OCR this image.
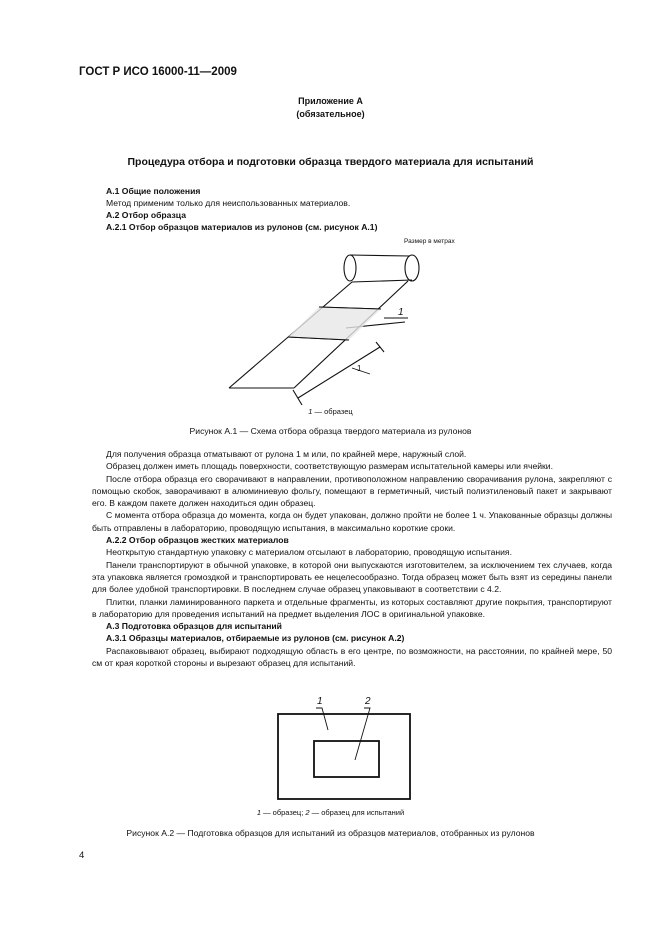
ГОСТ Р ИСО 16000-11—2009
Приложение А
(обязательное)
Процедура отбора и подготовки образца твердого материала для испытаний
А.1 Общие положения
Метод применим только для неиспользованных материалов.
А.2 Отбор образца
А.2.1 Отбор образцов материалов из рулонов (см. рисунок А.1)
Размер в метрах
1
1
1 — образец
Рисунок А.1 — Схема отбора образца твердого материала из рулонов
Для получения образца отматывают от рулона 1 м или, по крайней мере, наружный слой.
Образец должен иметь площадь поверхности, соответствующую размерам испытательной камеры или ячейки.
После отбора образца его сворачивают в направлении, противоположном направлению сворачивания рулона, закрепляют с помощью скобок, заворачивают в алюминиевую фольгу, помещают в герметичный, чистый полиэтиленовый пакет и закрывают его. В каждом пакете должен находиться один образец.
С момента отбора образца до момента, когда он будет упакован, должно пройти не более 1 ч. Упакованные образцы должны быть отправлены в лабораторию, проводящую испытания, в максимально короткие сроки.
А.2.2 Отбор образцов жестких материалов
Неоткрытую стандартную упаковку с материалом отсылают в лабораторию, проводящую испытания.
Панели транспортируют в обычной упаковке, в которой они выпускаются изготовителем, за исключением тех случаев, когда эта упаковка является громоздкой и транспортировать ее нецелесообразно. Тогда образец может быть взят из середины панели для более удобной транспортировки. В последнем случае образец упаковывают в соответствии с 4.2.
Плитки, планки ламинированного паркета и отдельные фрагменты, из которых составляют другие покрытия, транспортируют в лабораторию для проведения испытаний на предмет выделения ЛОС в оригинальной упаковке.
А.3 Подготовка образцов для испытаний
А.3.1 Образцы материалов, отбираемые из рулонов (см. рисунок А.2)
Распаковывают образец, выбирают подходящую область в его центре, по возможности, на расстоянии, по крайней мере, 50 см от края короткой стороны и вырезают образец для испытаний.
1	2
1 — образец; 2 — образец для испытаний
Рисунок А.2 — Подготовка образцов для испытаний из образцов материалов, отобранных из рулонов
4
